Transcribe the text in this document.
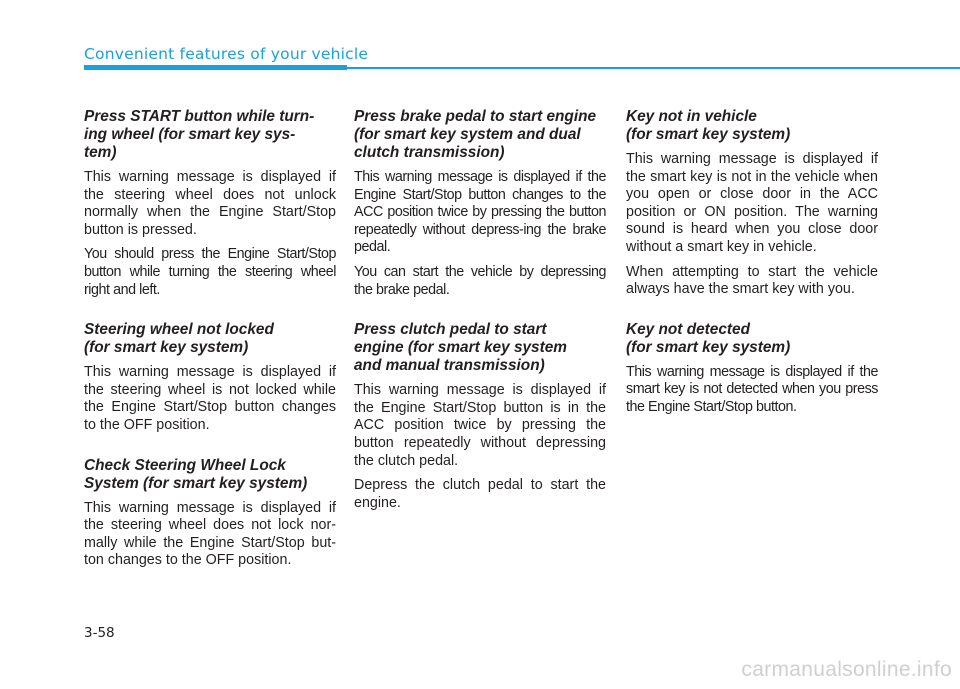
Convenient features of your vehicle
Press START button while turn-
ing wheel (for smart key sys-
tem)

This warning message is displayed if the steering wheel does not unlock normally when the Engine Start/Stop button is pressed.

You should press the Engine Start/Stop button while turning the steering wheel right and left.

Steering wheel not locked
(for smart key system)

This warning message is displayed if the steering wheel is not locked while the Engine Start/Stop button changes to the OFF position.

Check Steering Wheel Lock
System (for smart key system)

This warning message is displayed if the steering wheel does not lock nor-mally while the Engine Start/Stop but-ton changes to the OFF position.

Press brake pedal to start engine
(for smart key system and dual
clutch transmission)

This warning message is displayed if the Engine Start/Stop button changes to the ACC position twice by pressing the button repeatedly without depress-ing the brake pedal.

You can start the vehicle by depressing the brake pedal.

Press clutch pedal to start
engine (for smart key system
and manual transmission)

This warning message is displayed if the Engine Start/Stop button is in the ACC position twice by pressing the button repeatedly without depressing the clutch pedal.

Depress the clutch pedal to start the engine.

Key not in vehicle
(for smart key system)

This warning message is displayed if the smart key is not in the vehicle when you open or close door in the ACC position or ON position. The warning sound is heard when you close door without a smart key in vehicle.

When attempting to start the vehicle always have the smart key with you.

Key not detected
(for smart key system)

This warning message is displayed if the smart key is not detected when you press the Engine Start/Stop button.

3-58
carmanualsonline.info
